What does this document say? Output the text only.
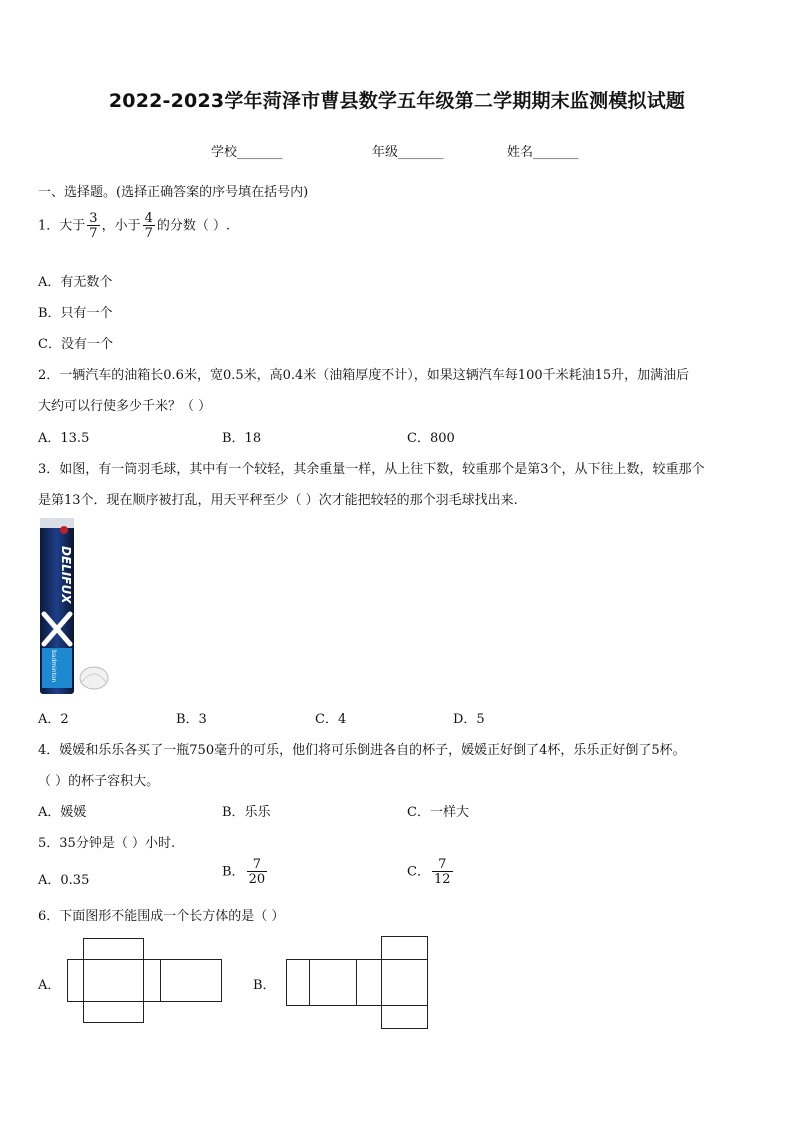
2022-2023学年菏泽市曹县数学五年级第二学期期末监测模拟试题
学校_______	年级_______	姓名_______
一、选择题。(选择正确答案的序号填在括号内)
1．大于 $\frac{3}{7}$ ，小于 $\frac{4}{7}$ 的分数（ ）.
A．有无数个
B．只有一个
C．没有一个
2．一辆汽车的油箱长0.6米，宽0.5米，高0.4米（油箱厚度不计），如果这辆汽车每100千米耗油15升，加满油后
大约可以行使多少千米？（ ）
A．13.5	B．18	C．800
3．如图，有一筒羽毛球，其中有一个较轻，其余重量一样，从上往下数，较重那个是第3个，从下往上数，较重那个
是第13个．现在顺序被打乱，用天平秤至少（ ）次才能把较轻的那个羽毛球找出来.
DELIFUX
badminton
A．2	B．3	C．4	D．5
4．媛媛和乐乐各买了一瓶750毫升的可乐，他们将可乐倒进各自的杯子，媛媛正好倒了4杯，乐乐正好倒了5杯。
（ ）的杯子容积大。
A．媛媛	B．乐乐	C．一样大
5．35分钟是（ ）小时.
A．0.35
B． $\frac{7}{20}$	C． $\frac{7}{12}$
6．下面图形不能围成一个长方体的是（ ）
A．	B．
